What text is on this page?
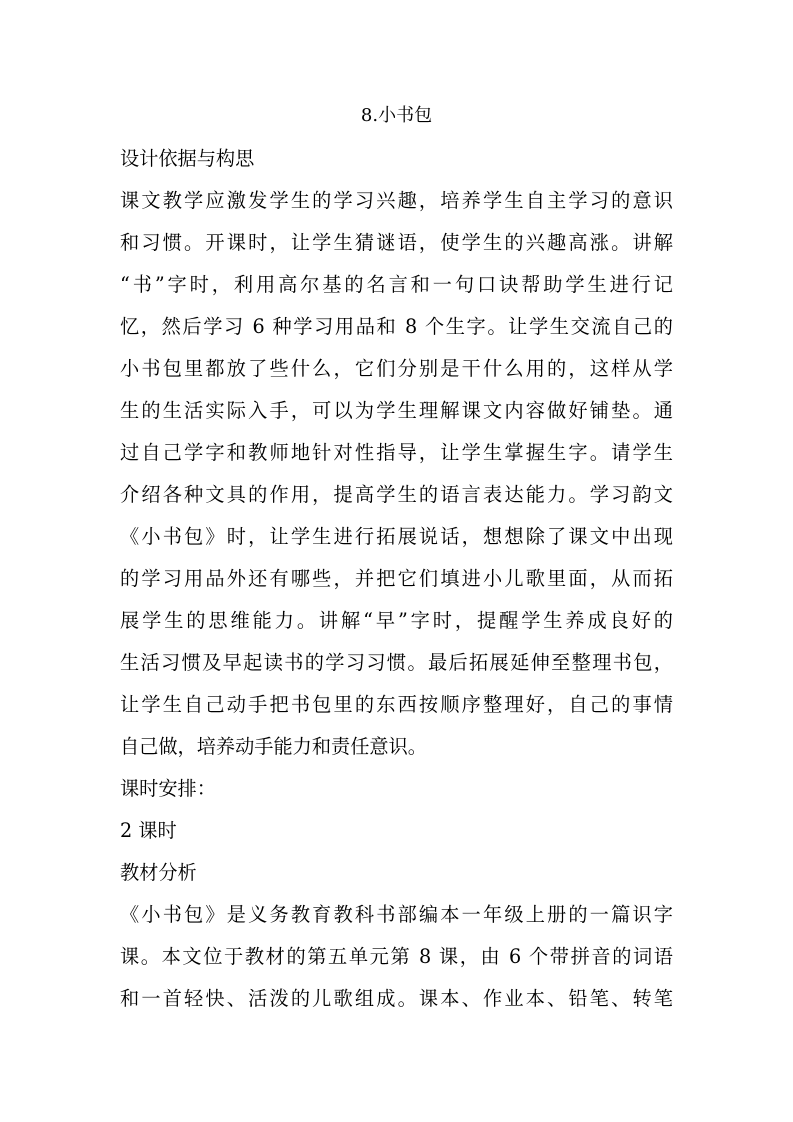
8.小书包
设计依据与构思
课文教学应激发学生的学习兴趣，培养学生自主学习的意识
和习惯。开课时，让学生猜谜语，使学生的兴趣高涨。讲解
“书”字时，利用高尔基的名言和一句口诀帮助学生进行记
忆，然后学习 6 种学习用品和 8 个生字。让学生交流自己的
小书包里都放了些什么，它们分别是干什么用的，这样从学
生的生活实际入手，可以为学生理解课文内容做好铺垫。通
过自己学字和教师地针对性指导，让学生掌握生字。请学生
介绍各种文具的作用，提高学生的语言表达能力。学习韵文
《小书包》时，让学生进行拓展说话，想想除了课文中出现
的学习用品外还有哪些，并把它们填进小儿歌里面，从而拓
展学生的思维能力。讲解“早”字时，提醒学生养成良好的
生活习惯及早起读书的学习习惯。最后拓展延伸至整理书包，
让学生自己动手把书包里的东西按顺序整理好，自己的事情
自己做，培养动手能力和责任意识。
课时安排：
2 课时
教材分析
《小书包》是义务教育教科书部编本一年级上册的一篇识字
课。本文位于教材的第五单元第 8 课，由 6 个带拼音的词语
和一首轻快、活泼的儿歌组成。课本、作业本、铅笔、转笔
